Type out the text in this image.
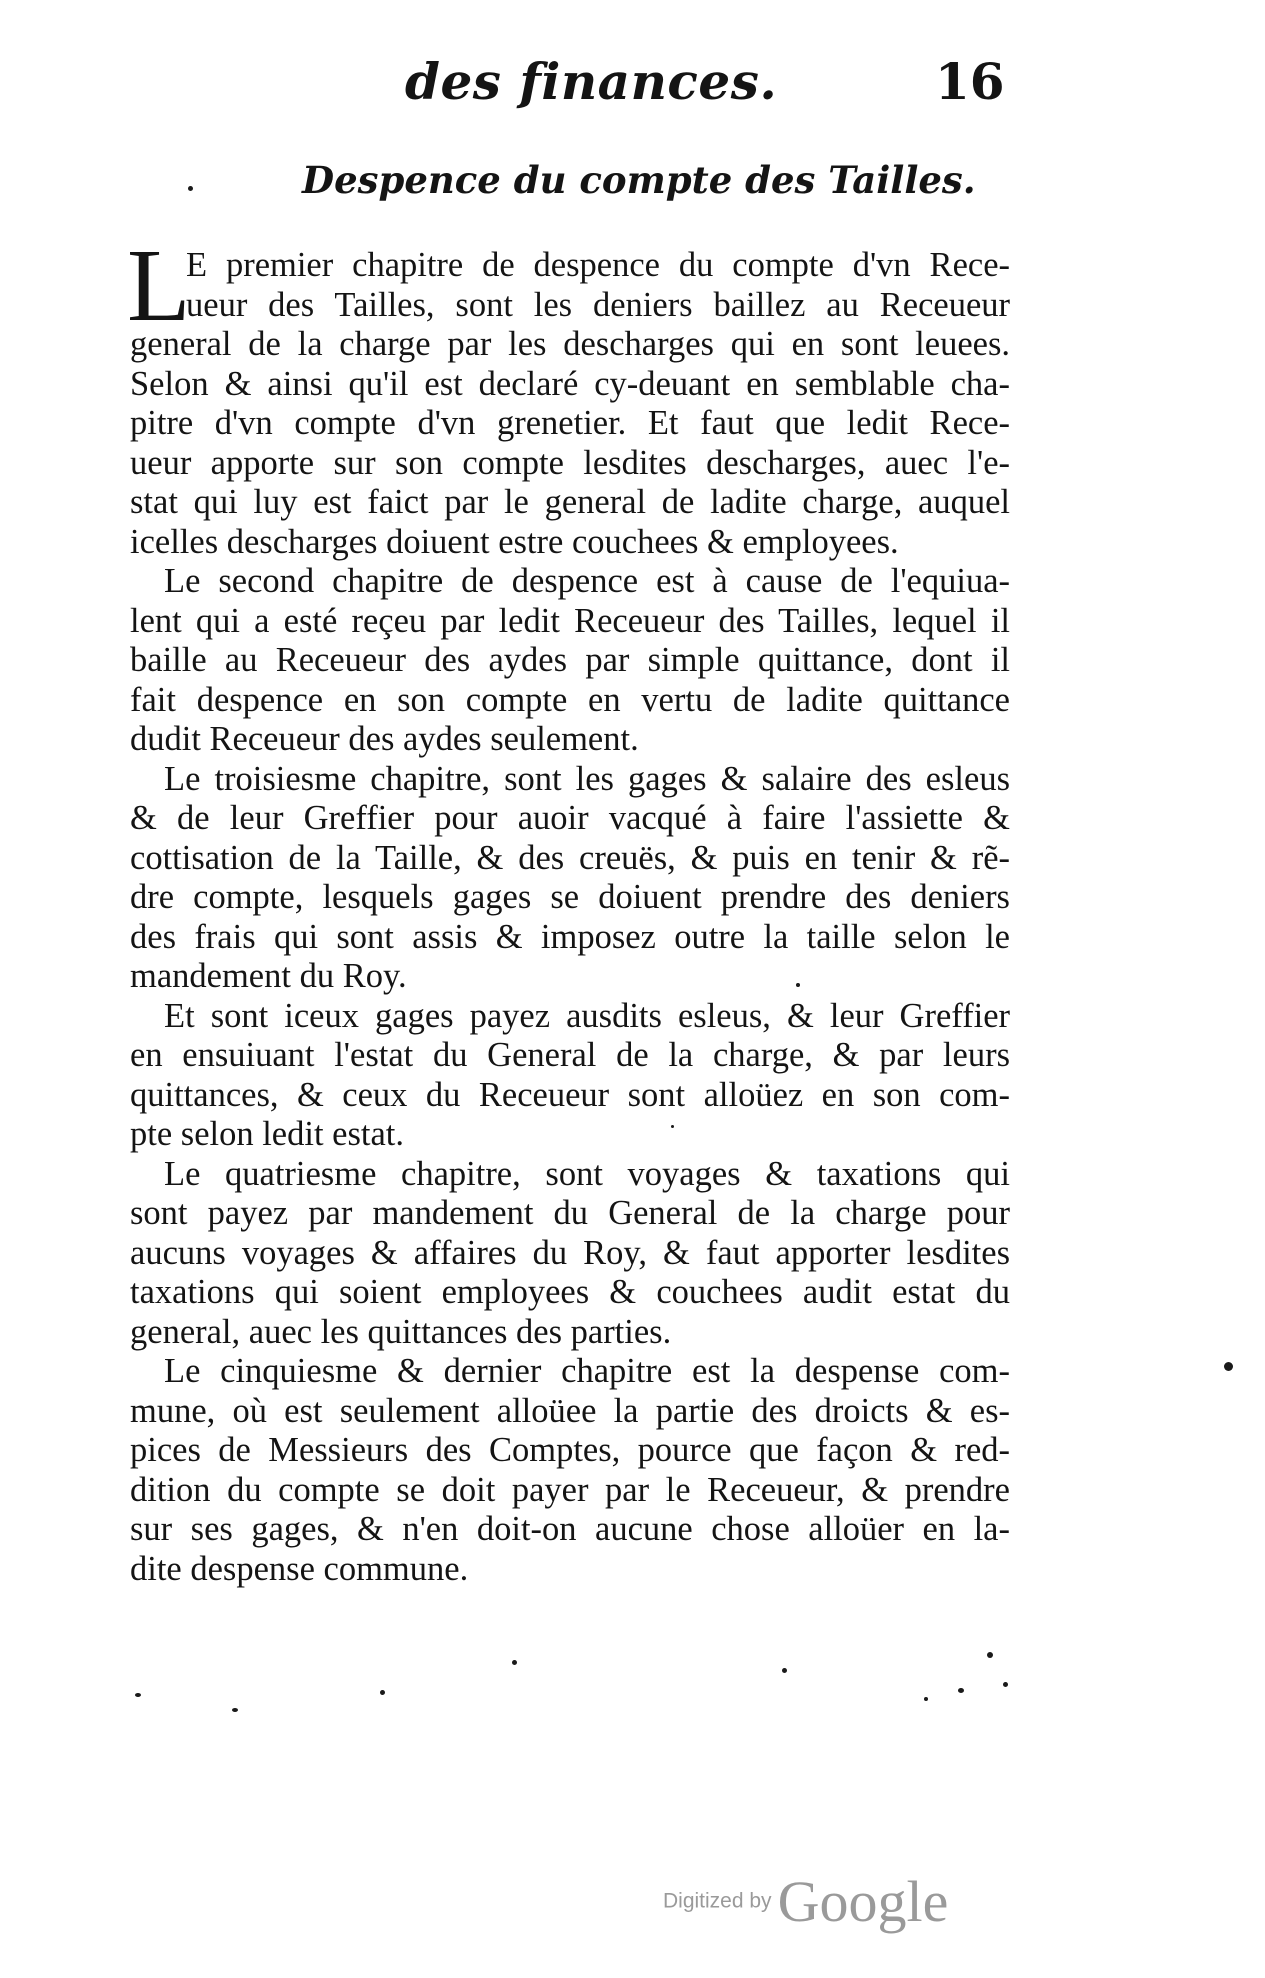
des finances.	16
Despence du compte des Tailles.
L

E premier chapitre de despence du compte d'vn Rece-
ueur des Tailles, sont les deniers baillez au Receueur
general de la charge par les descharges qui en sont leuees.
Selon & ainsi qu'il est declaré cy-deuant en semblable cha-
pitre d'vn compte d'vn grenetier. Et faut que ledit Rece-
ueur apporte sur son compte lesdites descharges, auec l'e-
stat qui luy est faict par le general de ladite charge, auquel
icelles descharges doiuent estre couchees & employees.

Le second chapitre de despence est à cause de l'equiua-
lent qui a esté reçeu par ledit Receueur des Tailles, lequel il
baille au Receueur des aydes par simple quittance, dont il
fait despence en son compte en vertu de ladite quittance
dudit Receueur des aydes seulement.

Le troisiesme chapitre, sont les gages & salaire des esleus
& de leur Greffier pour auoir vacqué à faire l'assiette &
cottisation de la Taille, & des creuës, & puis en tenir & rẽ-
dre compte, lesquels gages se doiuent prendre des deniers
des frais qui sont assis & imposez outre la taille selon le
mandement du Roy.

Et sont iceux gages payez ausdits esleus, & leur Greffier
en ensuiuant l'estat du General de la charge, & par leurs
quittances, & ceux du Receueur sont alloüez en son com-
pte selon ledit estat.

Le quatriesme chapitre, sont voyages & taxations qui
sont payez par mandement du General de la charge pour
aucuns voyages & affaires du Roy, & faut apporter lesdites
taxations qui soient employees & couchees audit estat du
general, auec les quittances des parties.

Le cinquiesme & dernier chapitre est la despense com-
mune, où est seulement alloüee la partie des droicts & es-
pices de Messieurs des Comptes, pource que façon & red-
dition du compte se doit payer par le Receueur, & prendre
sur ses gages, & n'en doit-on aucune chose alloüer en la-
dite despense commune.

Digitized by Google
